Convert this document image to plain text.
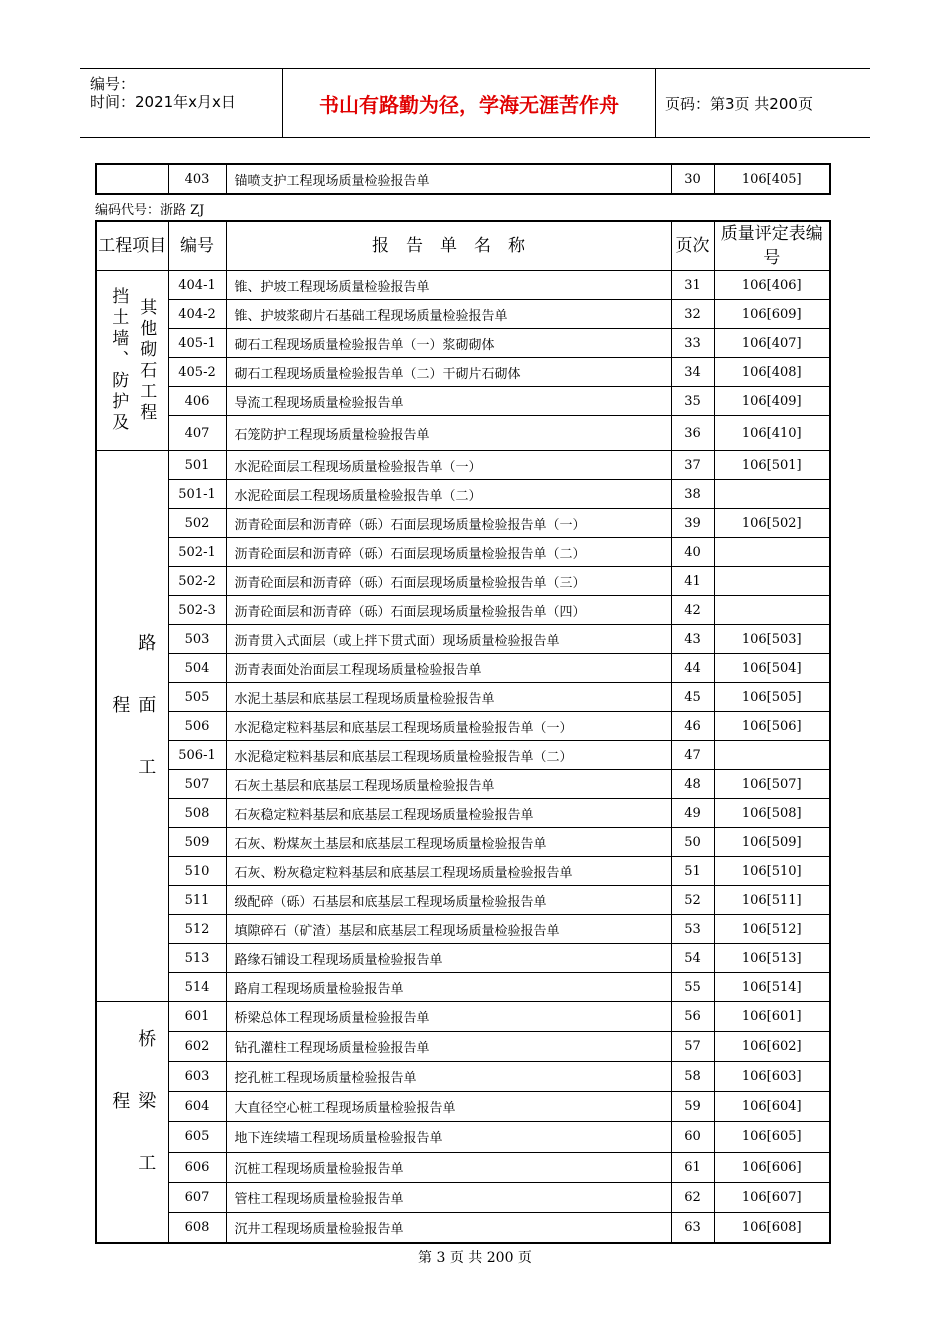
编号：
时间：2021年x月x日	书山有路勤为径，学海无涯苦作舟	页码：第3页 共200页
	403	锚喷支护工程现场质量检验报告单	30	106[405]
编码代号：浙路 ZJ
工程项目	编号	报　告　单　名　称	页次	质量评定表编　号

挡土墙、防护及其他砌石工程	404-1	锥、护坡工程现场质量检验报告单	31	106[406]
	404-2	锥、护坡浆砌片石基础工程现场质量检验报告单	32	106[609]
	405-1	砌石工程现场质量检验报告单（一）浆砌砌体	33	106[407]
	405-2	砌石工程现场质量检验报告单（二）干砌片石砌体	34	106[408]
	406	导流工程现场质量检验报告单	35	106[409]
	407	石笼防护工程现场质量检验报告单	36	106[410]

路面工程	501	水泥砼面层工程现场质量检验报告单（一）	37	106[501]
	501-1	水泥砼面层工程现场质量检验报告单（二）	38	
	502	沥青砼面层和沥青碎（砾）石面层现场质量检验报告单（一）	39	106[502]
	502-1	沥青砼面层和沥青碎（砾）石面层现场质量检验报告单（二）	40	
	502-2	沥青砼面层和沥青碎（砾）石面层现场质量检验报告单（三）	41	
	502-3	沥青砼面层和沥青碎（砾）石面层现场质量检验报告单（四）	42	
	503	沥青贯入式面层（或上拌下贯式面）现场质量检验报告单	43	106[503]
	504	沥青表面处治面层工程现场质量检验报告单	44	106[504]
	505	水泥土基层和底基层工程现场质量检验报告单	45	106[505]
	506	水泥稳定粒料基层和底基层工程现场质量检验报告单（一）	46	106[506]
	506-1	水泥稳定粒料基层和底基层工程现场质量检验报告单（二）	47	
	507	石灰土基层和底基层工程现场质量检验报告单	48	106[507]
	508	石灰稳定粒料基层和底基层工程现场质量检验报告单	49	106[508]
	509	石灰、粉煤灰土基层和底基层工程现场质量检验报告单	50	106[509]
	510	石灰、粉灰稳定粒料基层和底基层工程现场质量检验报告单	51	106[510]
	511	级配碎（砾）石基层和底基层工程现场质量检验报告单	52	106[511]
	512	填隙碎石（矿渣）基层和底基层工程现场质量检验报告单	53	106[512]
	513	路缘石铺设工程现场质量检验报告单	54	106[513]
	514	路肩工程现场质量检验报告单	55	106[514]

桥梁工程	601	桥梁总体工程现场质量检验报告单	56	106[601]
	602	钻孔灌柱工程现场质量检验报告单	57	106[602]
	603	挖孔桩工程现场质量检验报告单	58	106[603]
	604	大直径空心桩工程现场质量检验报告单	59	106[604]
	605	地下连续墙工程现场质量检验报告单	60	106[605]
	606	沉桩工程现场质量检验报告单	61	106[606]
	607	管柱工程现场质量检验报告单	62	106[607]
	608	沉井工程现场质量检验报告单	63	106[608]
第 3 页 共 200 页
